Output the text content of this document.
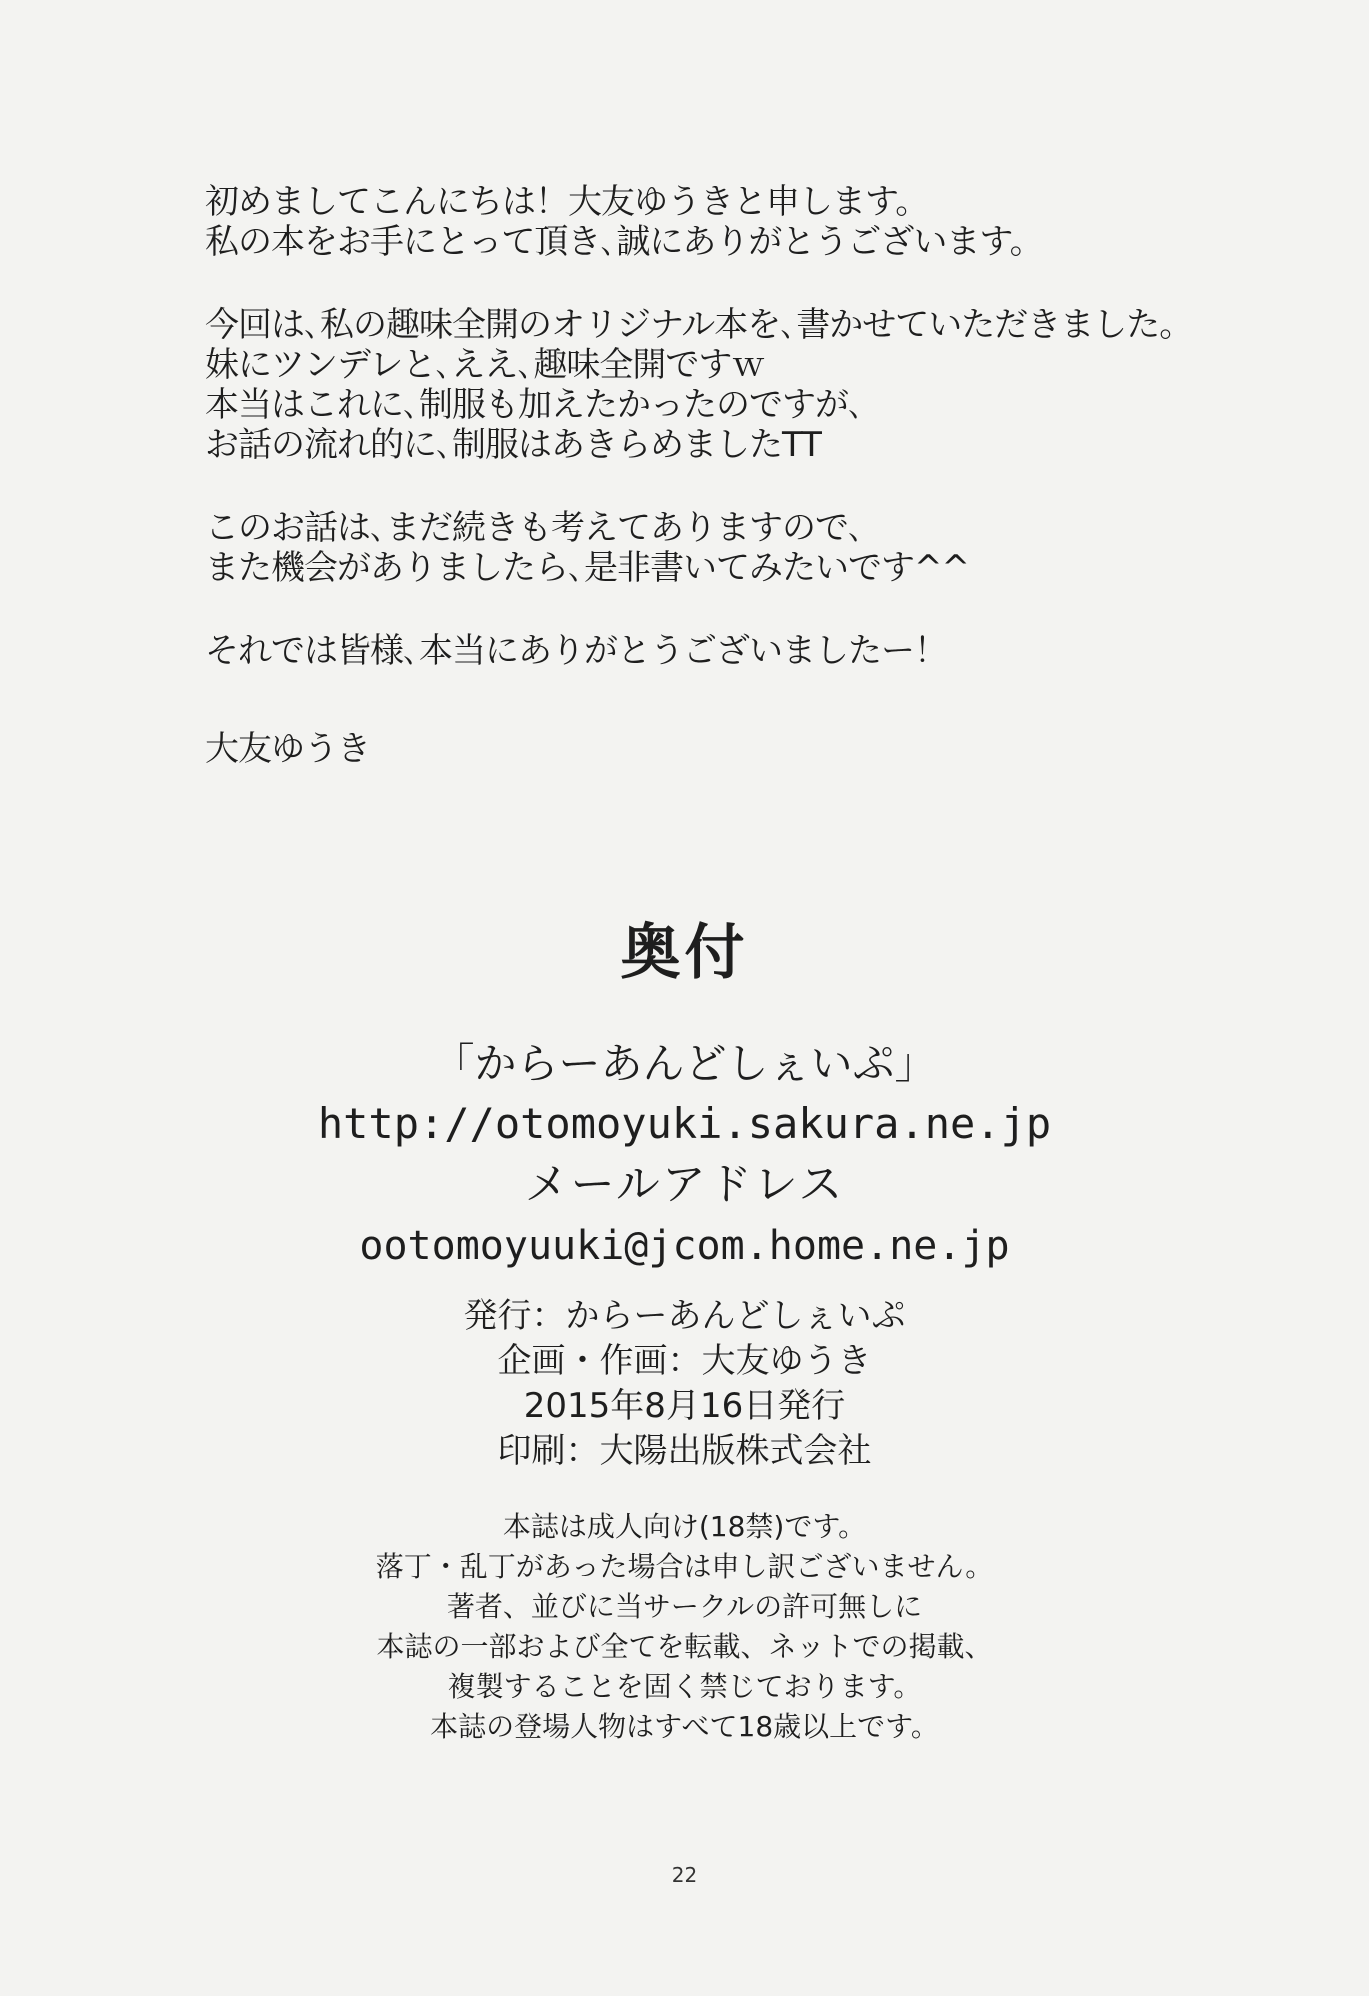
初めましてこんにちは！大友ゆうきと申します。
私の本をお手にとって頂き､誠にありがとうございます。
今回は､私の趣味全開のオリジナル本を､書かせていただきました。
妹にツンデレと､ええ､趣味全開ですｗ
本当はこれに､制服も加えたかったのですが､
お話の流れ的に､制服はあきらめましたTT
このお話は､まだ続きも考えてありますので､
また機会がありましたら､是非書いてみたいです^^
それでは皆様､本当にありがとうございましたー！
大友ゆうき
奥付
「からーあんどしぇいぷ」
http://otomoyuki.sakura.ne.jp
メールアドレス
ootomoyuuki@jcom.home.ne.jp
発行：からーあんどしぇいぷ
企画・作画：大友ゆうき
2015年8月16日発行
印刷：大陽出版株式会社
本誌は成人向け(18禁)です。
落丁・乱丁があった場合は申し訳ございません。
著者、並びに当サークルの許可無しに
本誌の一部および全てを転載、ネットでの掲載、
複製することを固く禁じております。
本誌の登場人物はすべて18歳以上です。
22
